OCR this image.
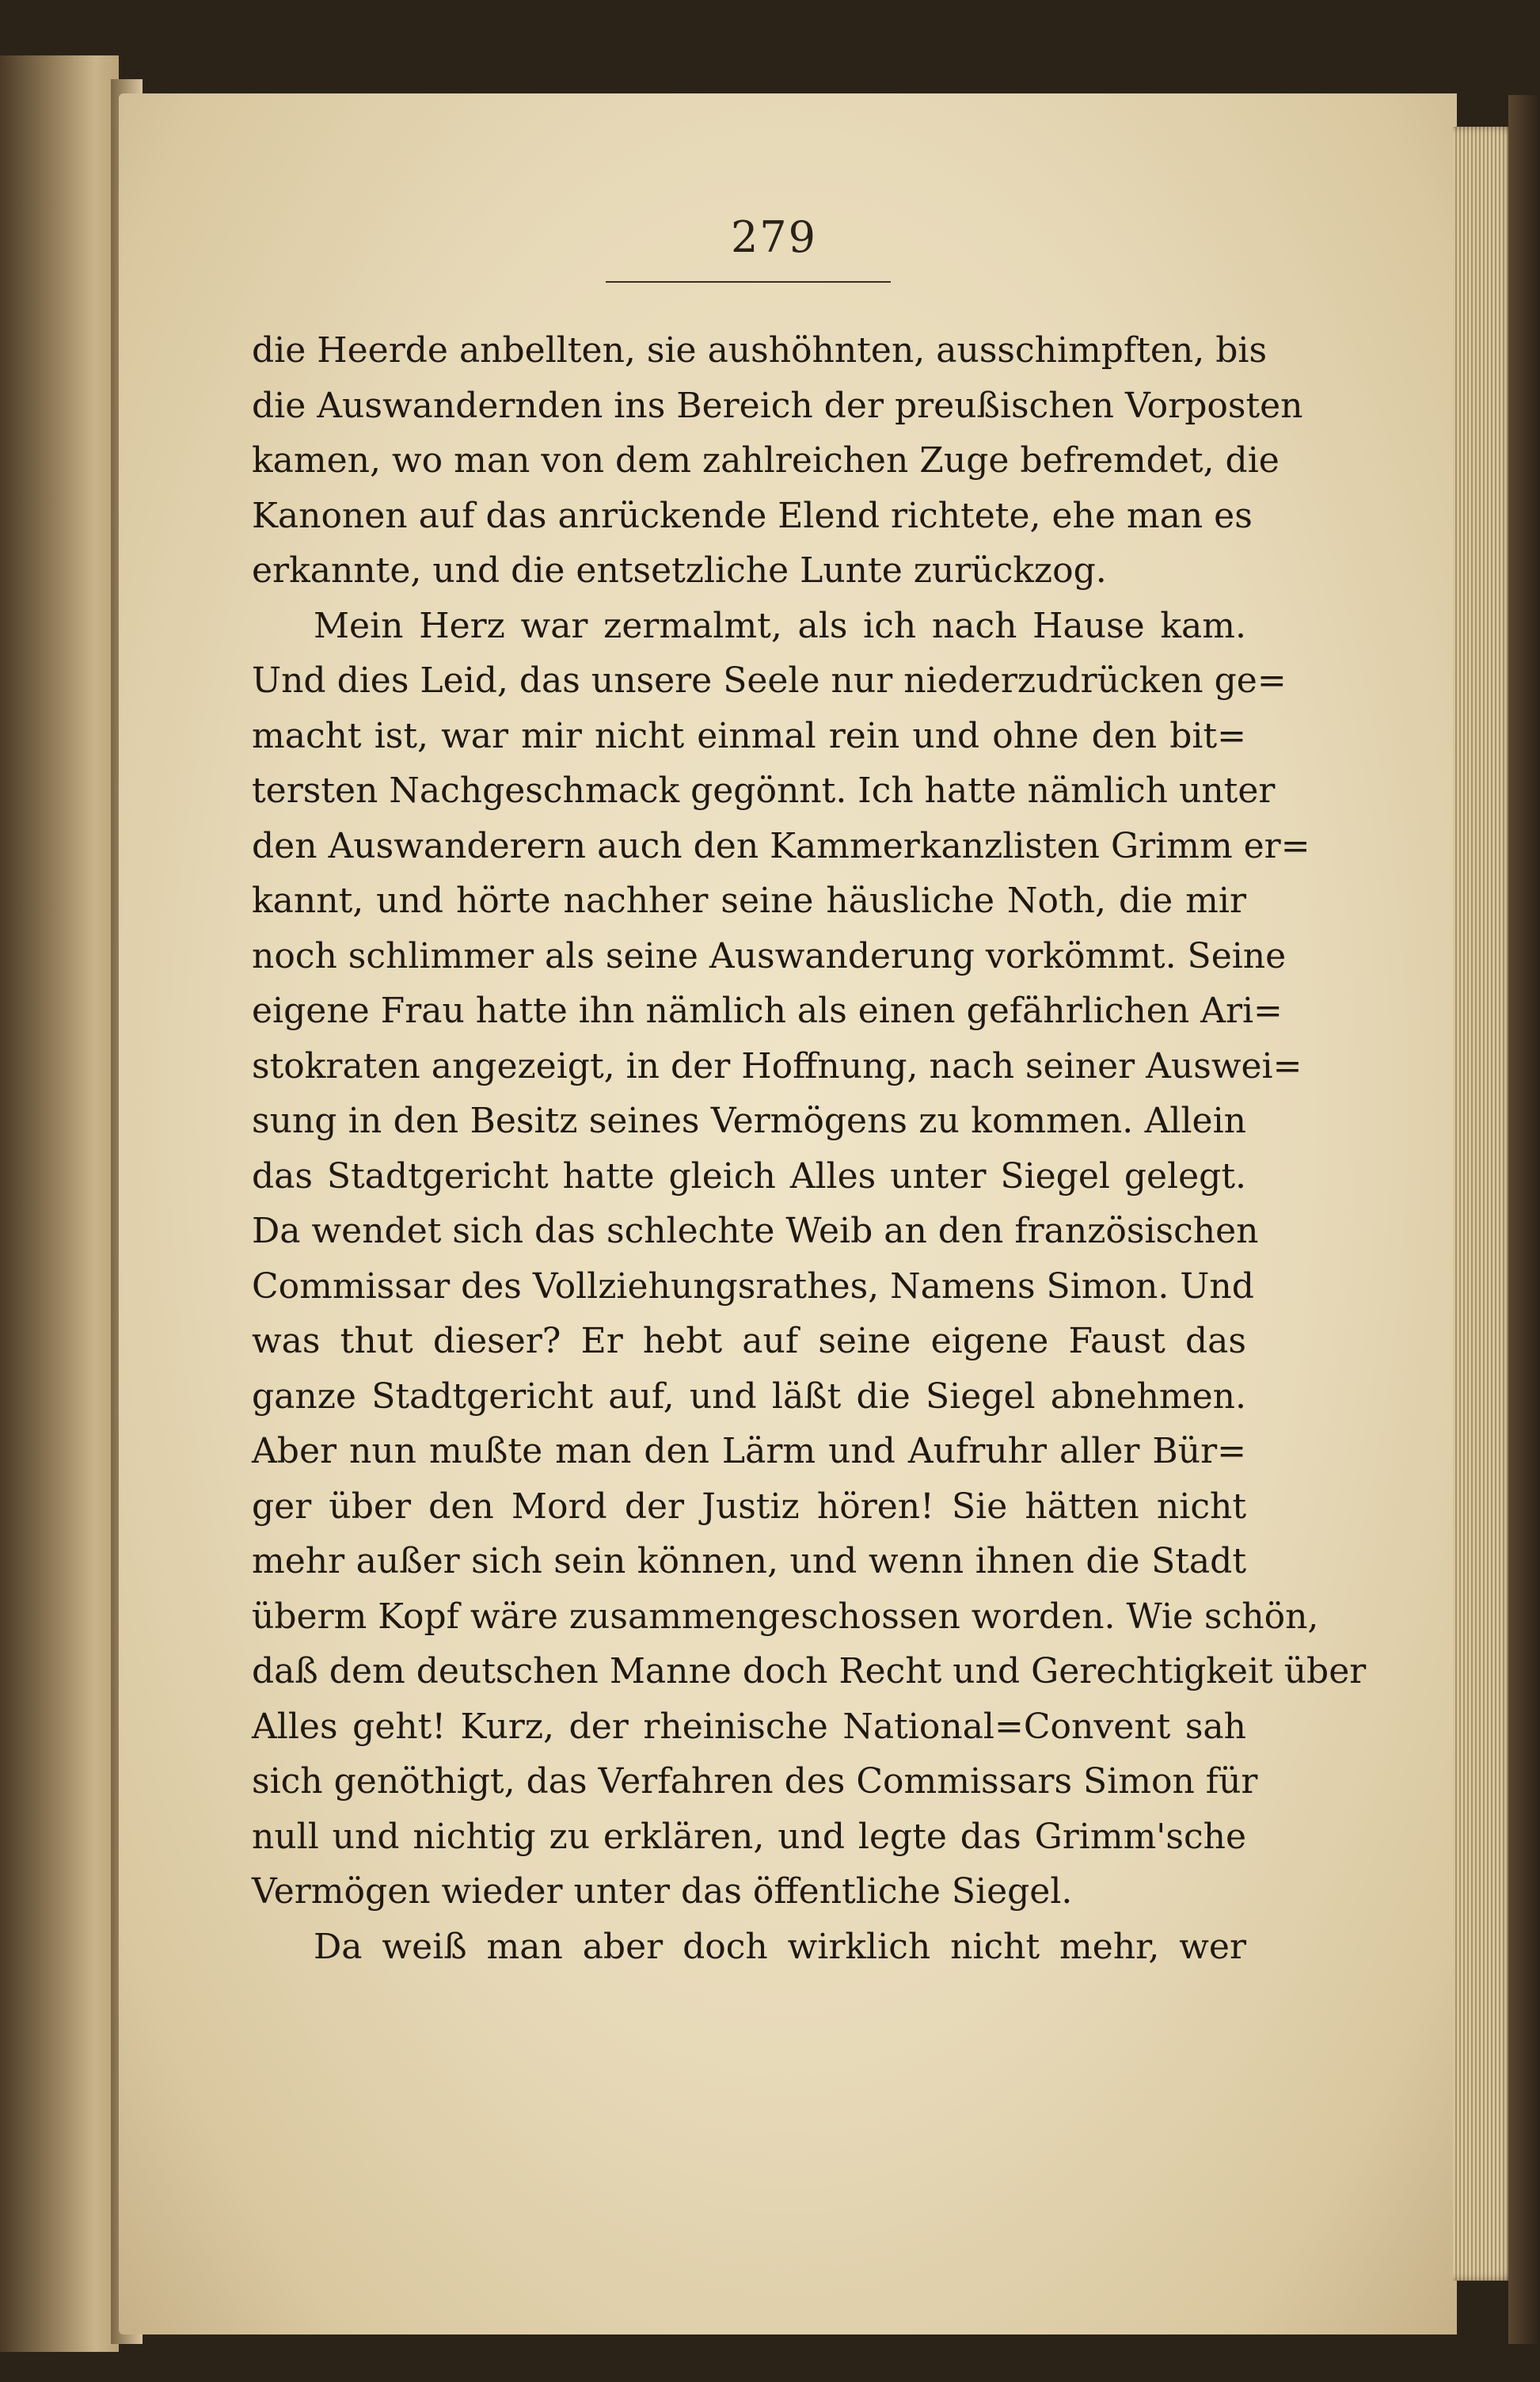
279
die Heerde anbellten, sie aushöhnten, ausschimpften, bis
die Auswandernden ins Bereich der preußischen Vorposten
kamen, wo man von dem zahlreichen Zuge befremdet, die
Kanonen auf das anrückende Elend richtete, ehe man es
erkannte, und die entsetzliche Lunte zurückzog.
Mein Herz war zermalmt, als ich nach Hause kam.
Und dies Leid, das unsere Seele nur niederzudrücken ge=
macht ist, war mir nicht einmal rein und ohne den bit=
tersten Nachgeschmack gegönnt. Ich hatte nämlich unter
den Auswanderern auch den Kammerkanzlisten Grimm er=
kannt, und hörte nachher seine häusliche Noth, die mir
noch schlimmer als seine Auswanderung vorkömmt. Seine
eigene Frau hatte ihn nämlich als einen gefährlichen Ari=
stokraten angezeigt, in der Hoffnung, nach seiner Auswei=
sung in den Besitz seines Vermögens zu kommen. Allein
das Stadtgericht hatte gleich Alles unter Siegel gelegt.
Da wendet sich das schlechte Weib an den französischen
Commissar des Vollziehungsrathes, Namens Simon. Und
was thut dieser? Er hebt auf seine eigene Faust das
ganze Stadtgericht auf, und läßt die Siegel abnehmen.
Aber nun mußte man den Lärm und Aufruhr aller Bür=
ger über den Mord der Justiz hören! Sie hätten nicht
mehr außer sich sein können, und wenn ihnen die Stadt
überm Kopf wäre zusammengeschossen worden. Wie schön,
daß dem deutschen Manne doch Recht und Gerechtigkeit über
Alles geht! Kurz, der rheinische National=Convent sah
sich genöthigt, das Verfahren des Commissars Simon für
null und nichtig zu erklären, und legte das Grimm'sche
Vermögen wieder unter das öffentliche Siegel.
Da weiß man aber doch wirklich nicht mehr, wer
